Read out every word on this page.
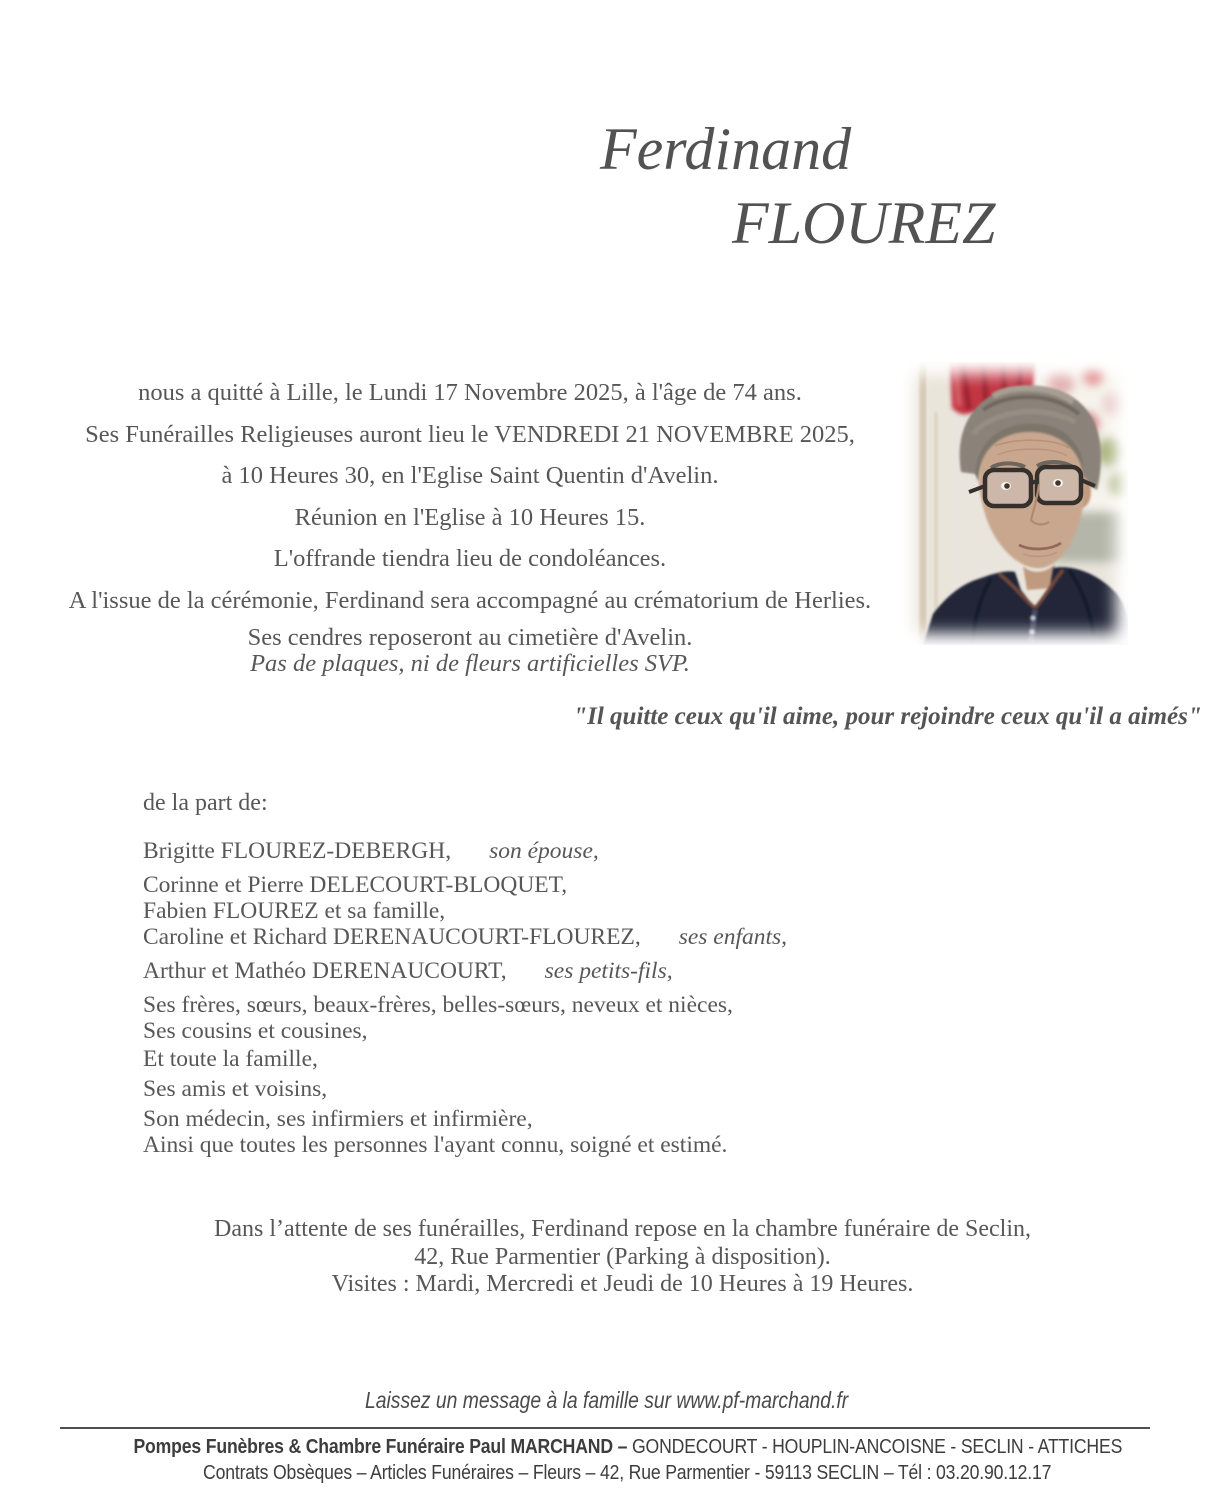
Ferdinand
FLOUREZ
nous a quitté à Lille, le Lundi 17 Novembre 2025, à l'âge de 74 ans.
Ses Funérailles Religieuses auront lieu le VENDREDI 21 NOVEMBRE 2025,
à 10 Heures 30, en l'Eglise Saint Quentin d'Avelin.
Réunion en l'Eglise à 10 Heures 15.
L'offrande tiendra lieu de condoléances.
A l'issue de la cérémonie, Ferdinand sera accompagné au crématorium de Herlies.
Ses cendres reposeront au cimetière d'Avelin.
Pas de plaques, ni de fleurs artificielles SVP.
"Il quitte ceux qu'il aime, pour rejoindre ceux qu'il a aimés"
de la part de:
Brigitte FLOUREZ-DEBERGH, son épouse,
Corinne et Pierre DELECOURT-BLOQUET,
Fabien FLOUREZ et sa famille,
Caroline et Richard DERENAUCOURT-FLOUREZ, ses enfants,
Arthur et Mathéo DERENAUCOURT, ses petits-fils,
Ses frères, sœurs, beaux-frères, belles-sœurs, neveux et nièces,
Ses cousins et cousines,
Et toute la famille,
Ses amis et voisins,
Son médecin, ses infirmiers et infirmière,
Ainsi que toutes les personnes l'ayant connu, soigné et estimé.
Dans l’attente de ses funérailles, Ferdinand repose en la chambre funéraire de Seclin,
42, Rue Parmentier (Parking à disposition).
Visites : Mardi, Mercredi et Jeudi de 10 Heures à 19 Heures.
Laissez un message à la famille sur www.pf-marchand.fr
Pompes Funèbres & Chambre Funéraire Paul MARCHAND – GONDECOURT - HOUPLIN-ANCOISNE - SECLIN - ATTICHES
Contrats Obsèques – Articles Funéraires – Fleurs – 42, Rue Parmentier - 59113 SECLIN – Tél : 03.20.90.12.17
